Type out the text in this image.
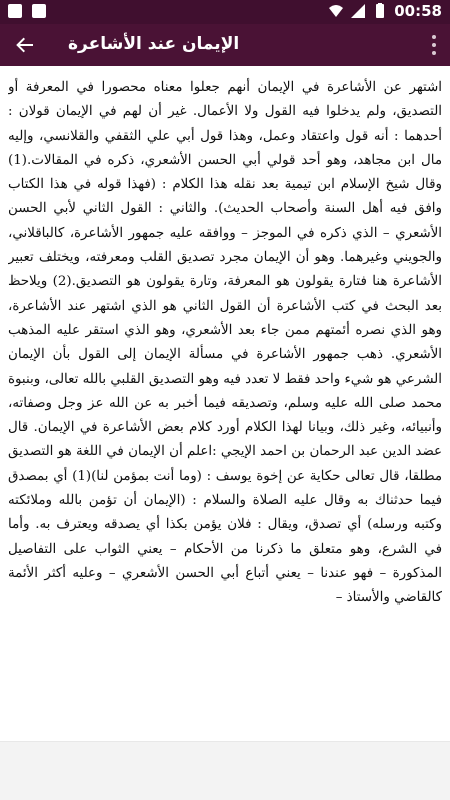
00:58
الإيمان عند الأشاعرة

اشتهر عن الأشاعرة في الإيمان أنهم جعلوا معناه محصورا في المعرفة أو التصديق، ولم يدخلوا فيه القول ولا الأعمال. غير أن لهم في الإيمان قولان : أحدهما : أنه قول واعتقاد وعمل، وهذا قول أبي علي الثقفي والقلانسي، وإليه مال ابن مجاهد، وهو أحد قولي أبي الحسن الأشعري، ذكره في المقالات.(1) وقال شيخ الإسلام ابن تيمية بعد نقله هذا الكلام : (فهذا قوله في هذا الكتاب وافق فيه أهل السنة وأصحاب الحديث). والثاني : القول الثاني لأبي الحسن الأشعري – الذي ذكره في الموجز – ووافقه عليه جمهور الأشاعرة، كالباقلاني، والجويني وغيرهما. وهو أن الإيمان مجرد تصديق القلب ومعرفته، ويختلف تعبير الأشاعرة هنا فتارة يقولون هو المعرفة، وتارة يقولون هو التصديق.(2) ويلاحظ بعد البحث في كتب الأشاعرة أن القول الثاني هو الذي اشتهر عند الأشاعرة، وهو الذي نصره أئمتهم ممن جاء بعد الأشعري، وهو الذي استقر عليه المذهب الأشعري. ذهب جمهور الأشاعرة في مسألة الإيمان إلى القول بأن الإيمان الشرعي هو شيء واحد فقط لا تعدد فيه وهو التصديق القلبي بالله تعالى، وبنبوة محمد صلى الله عليه وسلم، وتصديقه فيما أخبر به عن الله عز وجل وصفاته، وأنبيائه، وغير ذلك، وبيانا لهذا الكلام أورد كلام بعض الأشاعرة في الإيمان. قال عضد الدين عبد الرحمان بن احمد الإيجي :اعلم أن الإيمان في اللغة هو التصديق مطلقا، قال تعالى حكاية عن إخوة يوسف : (وما أنت بمؤمن لنا)(1) أي بمصدق فيما حدثناك به وقال عليه الصلاة والسلام : (الإيمان أن تؤمن بالله وملائكته وكتبه ورسله) أي تصدق، ويقال : فلان يؤمن بكذا أي يصدقه ويعترف به. وأما في الشرع، وهو متعلق ما ذكرنا من الأحكام – يعني الثواب على التفاصيل المذكورة – فهو عندنا – يعني أتباع أبي الحسن الأشعري – وعليه أكثر الأئمة كالقاضي والأستاذ –
